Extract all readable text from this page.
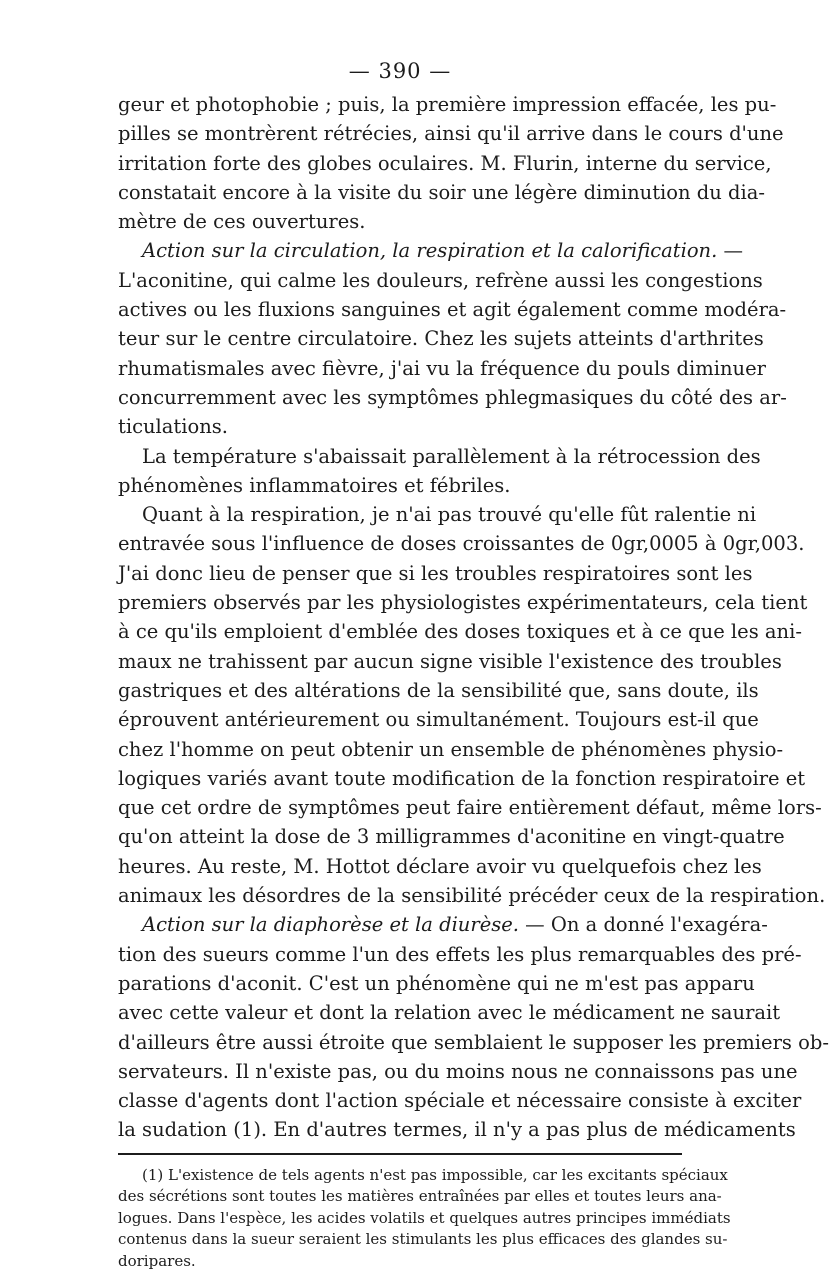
— 390 —
geur et photophobie ; puis, la première impression effacée, les pu-
pilles se montrèrent rétrécies, ainsi qu'il arrive dans le cours d'une
irritation forte des globes oculaires. M. Flurin, interne du service,
constatait encore à la visite du soir une légère diminution du dia-
mètre de ces ouvertures.
Action sur la circulation, la respiration et la calorification. —
L'aconitine, qui calme les douleurs, refrène aussi les congestions
actives ou les fluxions sanguines et agit également comme modéra-
teur sur le centre circulatoire. Chez les sujets atteints d'arthrites
rhumatismales avec fièvre, j'ai vu la fréquence du pouls diminuer
concurremment avec les symptômes phlegmasiques du côté des ar-
ticulations.
La température s'abaissait parallèlement à la rétrocession des
phénomènes inflammatoires et fébriles.
Quant à la respiration, je n'ai pas trouvé qu'elle fût ralentie ni
entravée sous l'influence de doses croissantes de 0gr,0005 à 0gr,003.
J'ai donc lieu de penser que si les troubles respiratoires sont les
premiers observés par les physiologistes expérimentateurs, cela tient
à ce qu'ils emploient d'emblée des doses toxiques et à ce que les ani-
maux ne trahissent par aucun signe visible l'existence des troubles
gastriques et des altérations de la sensibilité que, sans doute, ils
éprouvent antérieurement ou simultanément. Toujours est-il que
chez l'homme on peut obtenir un ensemble de phénomènes physio-
logiques variés avant toute modification de la fonction respiratoire et
que cet ordre de symptômes peut faire entièrement défaut, même lors-
qu'on atteint la dose de 3 milligrammes d'aconitine en vingt-quatre
heures. Au reste, M. Hottot déclare avoir vu quelquefois chez les
animaux les désordres de la sensibilité précéder ceux de la respiration.
Action sur la diaphorèse et la diurèse. — On a donné l'exagéra-
tion des sueurs comme l'un des effets les plus remarquables des pré-
parations d'aconit. C'est un phénomène qui ne m'est pas apparu
avec cette valeur et dont la relation avec le médicament ne saurait
d'ailleurs être aussi étroite que semblaient le supposer les premiers ob-
servateurs. Il n'existe pas, ou du moins nous ne connaissons pas une
classe d'agents dont l'action spéciale et nécessaire consiste à exciter
la sudation (1). En d'autres termes, il n'y a pas plus de médicaments
(1) L'existence de tels agents n'est pas impossible, car les excitants spéciaux
des sécrétions sont toutes les matières entraînées par elles et toutes leurs ana-
logues. Dans l'espèce, les acides volatils et quelques autres principes immédiats
contenus dans la sueur seraient les stimulants les plus efficaces des glandes su-
doripares.
